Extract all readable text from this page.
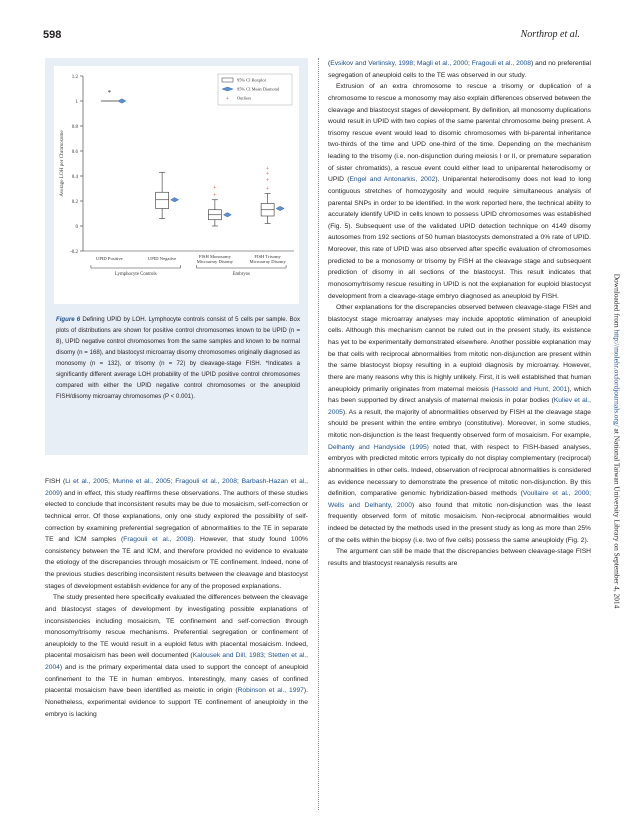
598	Northrop et al.
-0.2
0
0.2
0.4
0.6
0.8
1
1.2
Average LOH per Chromosome
UPID Positive	UPID Negative
+
+
FISH Monosomy
Microarray Disomy
+
+
+
+
FISH Trisomy
Microarray Disomy
*
Lymphocyte Controls	Embryos
95% CI Boxplot
95% CI Mean Diamond
+ Outliers
Figure 6 Defining UPID by LOH. Lymphocyte controls consist of 5 cells per sample. Box plots of distributions are shown for positive control chromosomes known to be UPID (n = 8), UPID negative control chromosomes from the same samples and known to be normal disomy (n = 168), and blastocyst microarray disomy chromosomes originally diagnosed as monosomy (n = 132), or trisomy (n = 72) by cleavage-stage FISH. *Indicates a significantly different average LOH probability of the UPID positive control chromosomes compared with either the UPID negative control chromosomes or the aneuploid FISH/disomy microarray chromosomes (P < 0.001).

FISH (Li et al., 2005; Munne et al., 2005; Fragouli et al., 2008; Barbash-Hazan et al., 2009) and in effect, this study reaffirms these observations. The authors of these studies elected to conclude that inconsistent results may be due to mosaicism, self-correction or technical error. Of those explanations, only one study explored the possibility of self-correction by examining preferential segregation of abnormalities to the TE in separate TE and ICM samples (Fragouli et al., 2008). However, that study found 100% consistency between the TE and ICM, and therefore provided no evidence to evaluate the etiology of the discrepancies through mosaicism or TE confinement. Indeed, none of the previous studies describing inconsistent results between the cleavage and blastocyst stages of development establish evidence for any of the proposed explanations.

The study presented here specifically evaluated the differences between the cleavage and blastocyst stages of development by investigating possible explanations of inconsistencies including mosaicism, TE confinement and self-correction through monosomy/trisomy rescue mechanisms. Preferential segregation or confinement of aneuploidy to the TE would result in a euploid fetus with placental mosaicism. Indeed, placental mosaicism has been well documented (Kalousek and Dill, 1983; Stetten et al., 2004) and is the primary experimental data used to support the concept of aneuploid confinement to the TE in human embryos. Interestingly, many cases of confined placental mosaicism have been identified as meiotic in origin (Robinson et al., 1997). Nonetheless, experimental evidence to support TE confinement of aneuploidy in the embryo is lacking

(Evsikov and Verlinsky, 1998; Magli et al., 2000; Fragouli et al., 2008) and no preferential segregation of aneuploid cells to the TE was observed in our study.

Extrusion of an extra chromosome to rescue a trisomy or duplication of a chromosome to rescue a monosomy may also explain differences observed between the cleavage and blastocyst stages of development. By definition, all monosomy duplications would result in UPID with two copies of the same parental chromosome being present. A trisomy rescue event would lead to disomic chromosomes with bi-parental inheritance two-thirds of the time and UPD one-third of the time. Depending on the mechanism leading to the trisomy (i.e. non-disjunction during meiosis I or II, or premature separation of sister chromatids), a rescue event could either lead to uniparental heterodisomy or UPID (Engel and Antonarkis, 2002). Uniparental heterodisomy does not lead to long contiguous stretches of homozygosity and would require simultaneous analysis of parental SNPs in order to be identified. In the work reported here, the technical ability to accurately identify UPID in cells known to possess UPID chromosomes was established (Fig. 5). Subsequent use of the validated UPID detection technique on 4149 disomy autosomes from 192 sections of 50 human blastocysts demonstrated a 0% rate of UPID. Moreover, this rate of UPID was also observed after specific evaluation of chromosomes predicted to be a monosomy or trisomy by FISH at the cleavage stage and subsequent prediction of disomy in all sections of the blastocyst. This result indicates that monosomy/trisomy rescue resulting in UPID is not the explanation for euploid blastocyst development from a cleavage-stage embryo diagnosed as aneuploid by FISH.

Other explanations for the discrepancies observed between cleavage-stage FISH and blastocyst stage microarray analyses may include apoptotic elimination of aneuploid cells. Although this mechanism cannot be ruled out in the present study, its existence has yet to be experimentally demonstrated elsewhere. Another possible explanation may be that cells with reciprocal abnormalities from mitotic non-disjunction are present within the same blastocyst biopsy resulting in a euploid diagnosis by microarray. However, there are many reasons why this is highly unlikely. First, it is well established that human aneuploidy primarily originates from maternal meiosis (Hassold and Hunt, 2001), which has been supported by direct analysis of maternal meiosis in polar bodies (Kuliev et al., 2005). As a result, the majority of abnormalities observed by FISH at the cleavage stage should be present within the entire embryo (constitutive). Moreover, in some studies, mitotic non-disjunction is the least frequently observed form of mosaicism. For example, Delhanty and Handyside (1995) noted that, with respect to FISH-based analyses, embryos with predicted mitotic errors typically do not display complementary (reciprocal) abnormalities in other cells. Indeed, observation of reciprocal abnormalities is considered as evidence necessary to demonstrate the presence of mitotic non-disjunction. By this definition, comparative genomic hybridization-based methods (Voullaire et al., 2000; Wells and Delhanty, 2000) also found that mitotic non-disjunction was the least frequently observed form of mitotic mosaicism. Non-reciprocal abnormalities would indeed be detected by the methods used in the present study as long as more than 25% of the cells within the biopsy (i.e. two of five cells) possess the same aneuploidy (Fig. 2).

The argument can still be made that the discrepancies between cleavage-stage FISH results and blastocyst reanalysis results are

Downloaded from http://molehr.oxfordjournals.org/ at National Taiwan University Library on September 4, 2014
